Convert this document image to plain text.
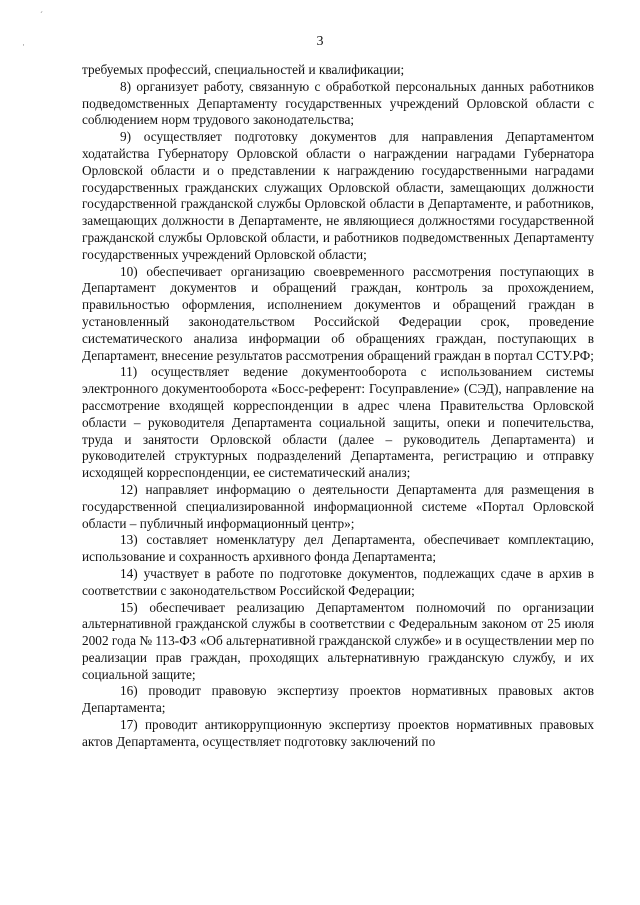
ˊ
·	3

требуемых профессий, специальностей и квалификации;

8) организует работу, связанную с обработкой персональных данных работников подведомственных Департаменту государственных учреждений Орловской области с соблюдением норм трудового законодательства;

9) осуществляет подготовку документов для направления Департаментом ходатайства Губернатору Орловской области о награждении наградами Губернатора Орловской области и о представлении к награждению государственными наградами государственных гражданских служащих Орловской области, замещающих должности государственной гражданской службы Орловской области в Департаменте, и работников, замещающих должности в Департаменте, не являющиеся должностями государственной гражданской службы Орловской области, и работников подведомственных Департаменту государственных учреждений Орловской области;

10) обеспечивает организацию своевременного рассмотрения поступающих в Департамент документов и обращений граждан, контроль за прохождением, правильностью оформления, исполнением документов и обращений граждан в установленный законодательством Российской Федерации срок, проведение систематического анализа информации об обращениях граждан, поступающих в Департамент, внесение результатов рассмотрения обращений граждан в портал ССТУ.РФ;

11) осуществляет ведение документооборота с использованием системы электронного документооборота «Босс-референт: Госуправление» (СЭД), направление на рассмотрение входящей корреспонденции в адрес члена Правительства Орловской области – руководителя Департамента социальной защиты, опеки и попечительства, труда и занятости Орловской области (далее – руководитель Департамента) и руководителей структурных подразделений Департамента, регистрацию и отправку исходящей корреспонденции, ее систематический анализ;

12) направляет информацию о деятельности Департамента для размещения в государственной специализированной информационной системе «Портал Орловской области – публичный информационный центр»;

13) составляет номенклатуру дел Департамента, обеспечивает комплектацию, использование и сохранность архивного фонда Департамента;

14) участвует в работе по подготовке документов, подлежащих сдаче в архив в соответствии с законодательством Российской Федерации;

15) обеспечивает реализацию Департаментом полномочий по организации альтернативной гражданской службы в соответствии с Федеральным законом от 25 июля 2002 года № 113-ФЗ «Об альтернативной гражданской службе» и в осуществлении мер по реализации прав граждан, проходящих альтернативную гражданскую службу, и их социальной защите;

16) проводит правовую экспертизу проектов нормативных правовых актов Департамента;

17) проводит антикоррупционную экспертизу проектов нормативных правовых актов Департамента, осуществляет подготовку заключений по
